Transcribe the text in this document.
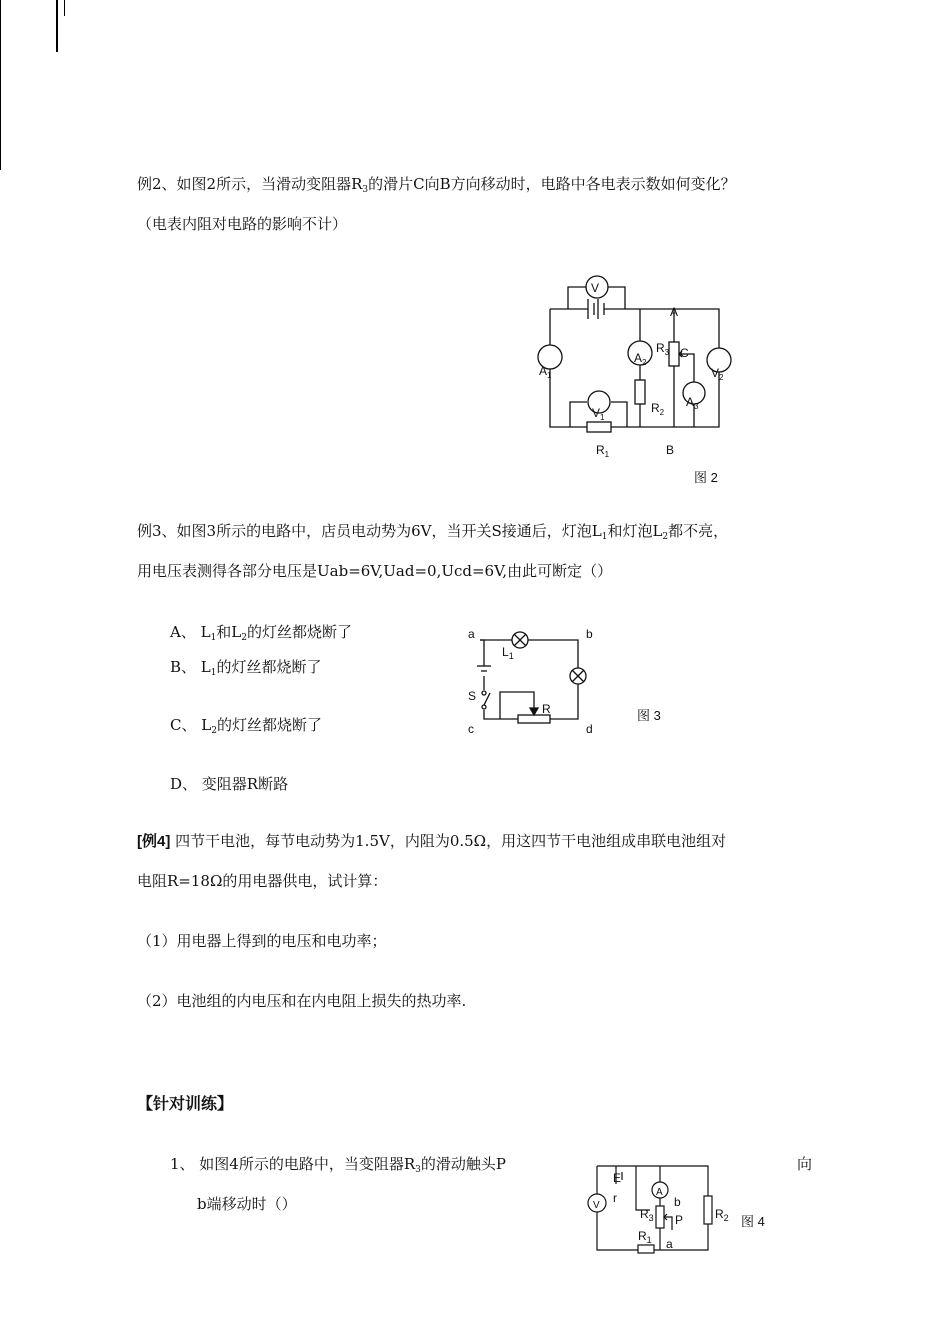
例2、如图2所示，当滑动变阻器$R_3$的滑片C向B方向移动时，电路中各电表示数如何变化？
（电表内阻对电路的影响不计）
V
A
$R_3$ C
$A_1$
$A_2$
$V_2$
$A_3$
$V_1$
$R_2$
$R_1$	B
图 2
例3、如图3所示的电路中，店员电动势为6V，当开关S接通后，灯泡$L_1$和灯泡$L_2$都不亮，
用电压表测得各部分电压是Uab=6V,Uad=0,Ucd=6V,由此可断定（）
A、 $L_1$和$L_2$的灯丝都烧断了
B、 $L_1$的灯丝都烧断了
C、 $L_2$的灯丝都烧断了
D、 变阻器R断路
a	b
c	d
$L_1$
S
R	图 3
[例4] 四节干电池，每节电动势为1.5V，内阻为0.5Ω，用这四节干电池组成串联电池组对
电阻R=18Ω的用电器供电，试计算：
（1）用电器上得到的电压和电功率；
（2）电池组的内电压和在内电阻上损失的热功率.
【针对训练】
1、 如图4所示的电路中，当变阻器$R_3$的滑动触头P	向
b端移动时（）
E
r
V
A
b
$R_3$ P	$R_2$
$R_1$ a
图 4
